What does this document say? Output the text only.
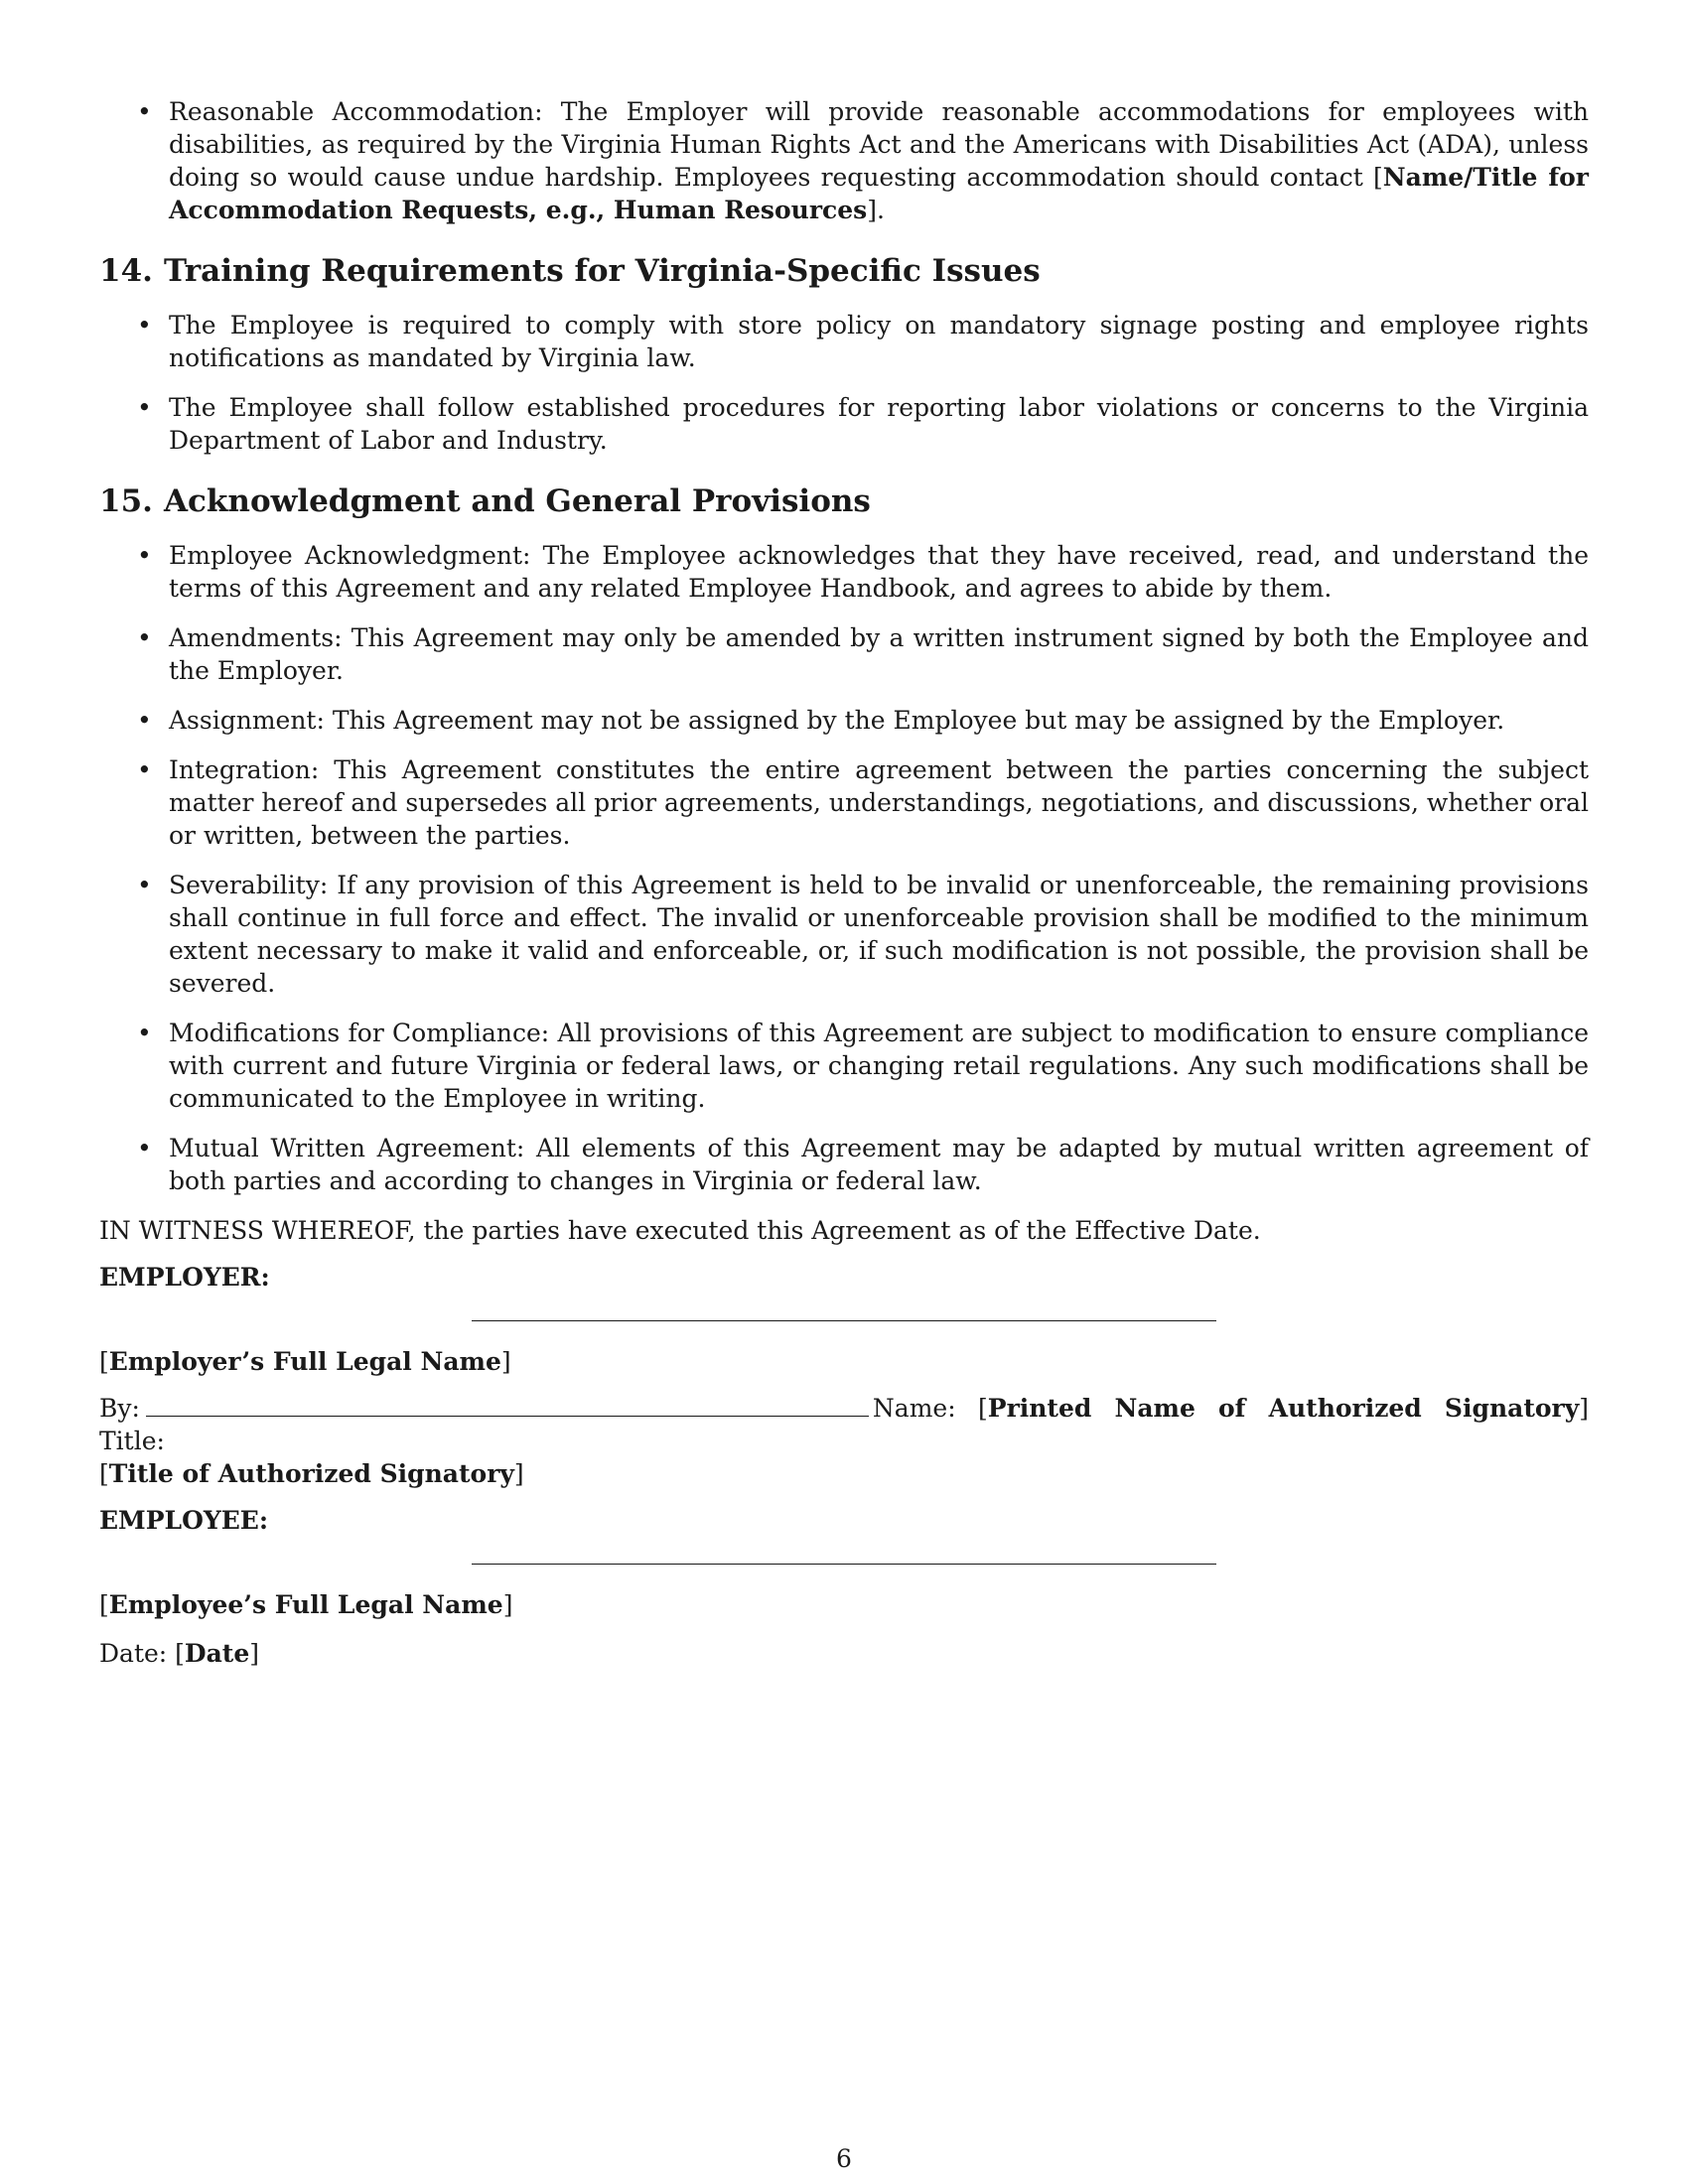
• Reasonable Accommodation: The Employer will provide reasonable accommodations for employees with disabilities, as required by the Virginia Human Rights Act and the Americans with Disabilities Act (ADA), unless doing so would cause undue hardship. Employees requesting accommodation should contact [Name/Title for Accommodation Requests, e.g., Human Resources].
14. Training Requirements for Virginia-Specific Issues
• The Employee is required to comply with store policy on mandatory signage posting and employee rights notifications as mandated by Virginia law.
• The Employee shall follow established procedures for reporting labor violations or concerns to the Virginia Department of Labor and Industry.
15. Acknowledgment and General Provisions
• Employee Acknowledgment: The Employee acknowledges that they have received, read, and understand the terms of this Agreement and any related Employee Handbook, and agrees to abide by them.
• Amendments: This Agreement may only be amended by a written instrument signed by both the Employee and the Employer.
• Assignment: This Agreement may not be assigned by the Employee but may be assigned by the Employer.
• Integration: This Agreement constitutes the entire agreement between the parties concerning the subject matter hereof and supersedes all prior agreements, understandings, negotiations, and discussions, whether oral or written, between the parties.
• Severability: If any provision of this Agreement is held to be invalid or unenforceable, the remaining provisions shall continue in full force and effect. The invalid or unenforceable provision shall be modified to the minimum extent necessary to make it valid and enforceable, or, if such modification is not possible, the provision shall be severed.
• Modifications for Compliance: All provisions of this Agreement are subject to modification to ensure compliance with current and future Virginia or federal laws, or changing retail regulations. Any such modifications shall be communicated to the Employee in writing.
• Mutual Written Agreement: All elements of this Agreement may be adapted by mutual written agreement of both parties and according to changes in Virginia or federal law.

IN WITNESS WHEREOF, the parties have executed this Agreement as of the Effective Date.

EMPLOYER:

[Employer’s Full Legal Name]

By:	Name: [Printed Name of Authorized Signatory] Title:
[Title of Authorized Signatory]

EMPLOYEE:

[Employee’s Full Legal Name]

Date: [Date]

6
